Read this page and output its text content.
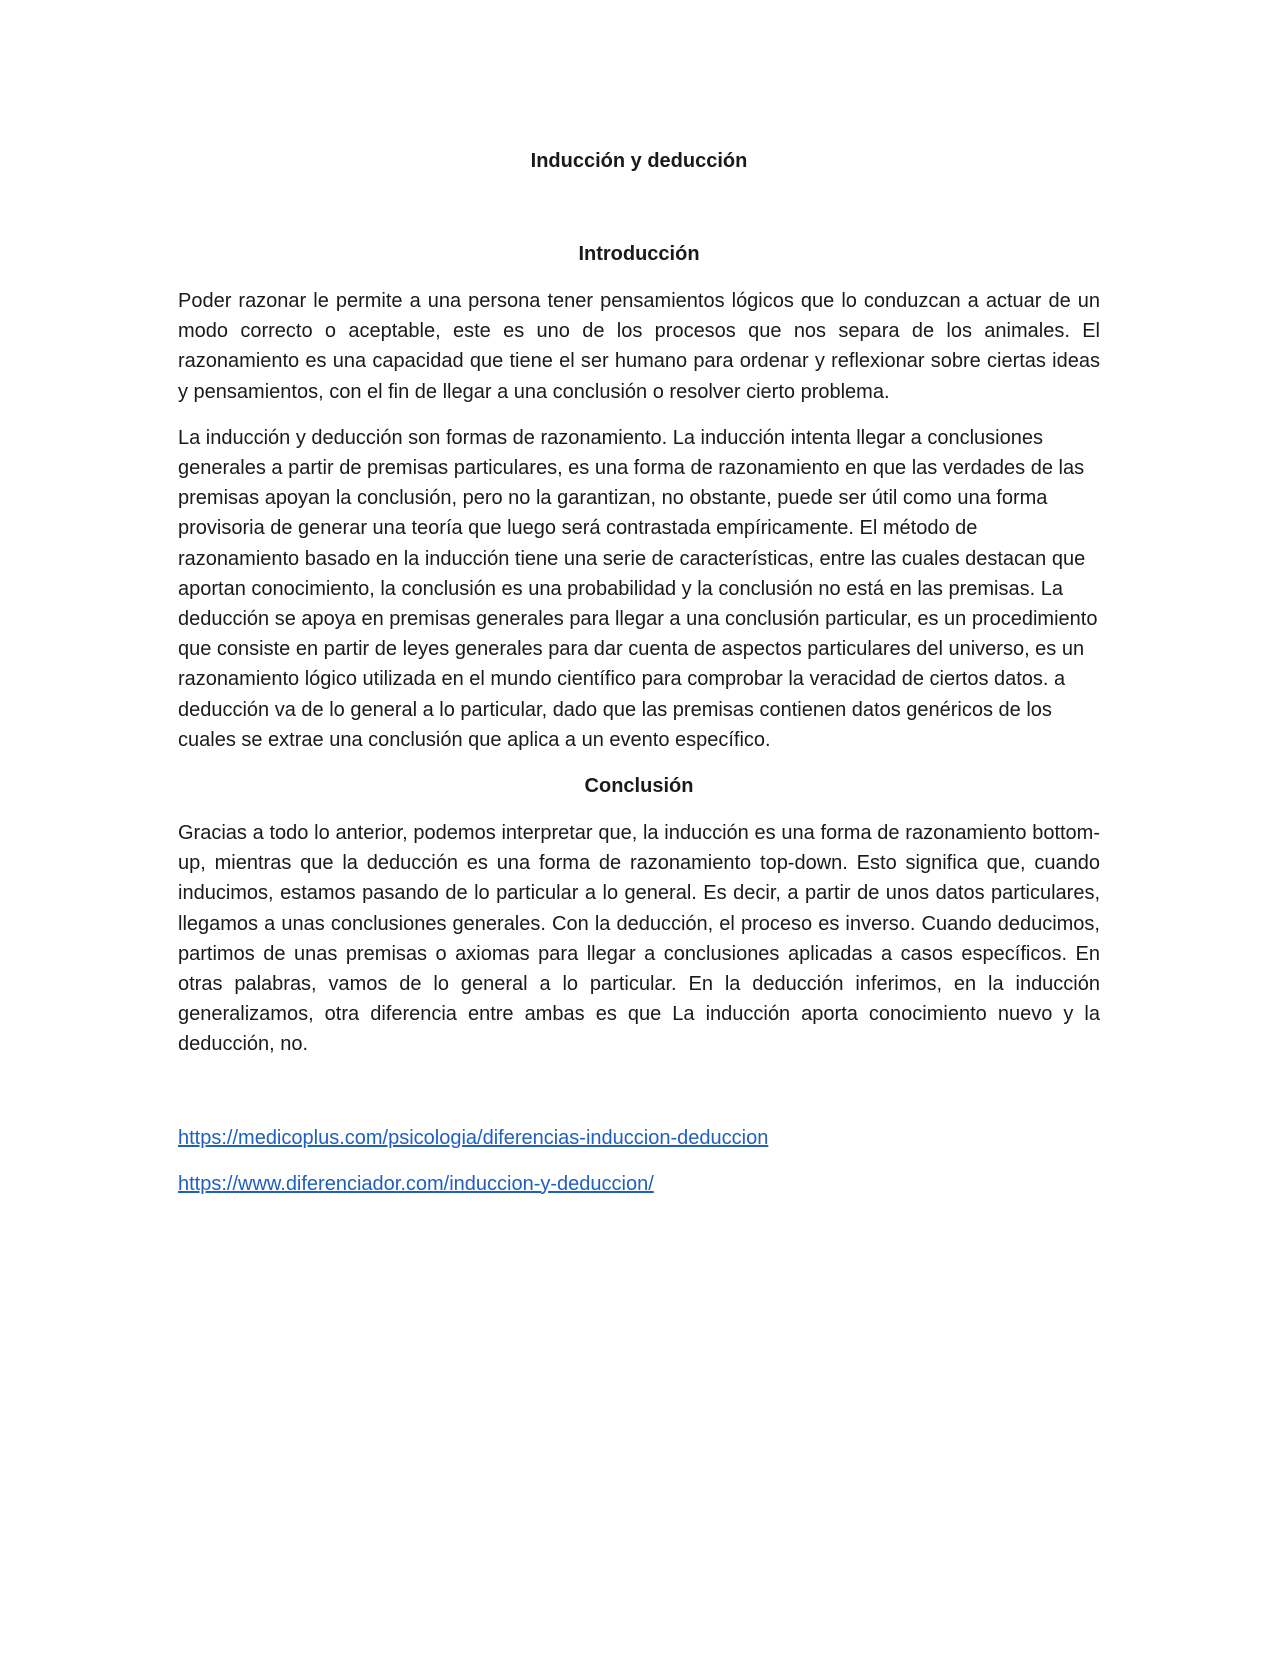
Inducción y deducción
Introducción

Poder razonar le permite a una persona tener pensamientos lógicos que lo conduzcan a actuar de un modo correcto o aceptable, este es uno de los procesos que nos separa de los animales. El razonamiento es una capacidad que tiene el ser humano para ordenar y reflexionar sobre ciertas ideas y pensamientos, con el fin de llegar a una conclusión o resolver cierto problema.

La inducción y deducción son formas de razonamiento. La inducción intenta llegar a conclusiones generales a partir de premisas particulares, es una forma de razonamiento en que las verdades de las premisas apoyan la conclusión, pero no la garantizan, no obstante, puede ser útil como una forma provisoria de generar una teoría que luego será contrastada empíricamente. El método de razonamiento basado en la inducción tiene una serie de características, entre las cuales destacan que aportan conocimiento, la conclusión es una probabilidad y la conclusión no está en las premisas. La deducción se apoya en premisas generales para llegar a una conclusión particular, es un procedimiento que consiste en partir de leyes generales para dar cuenta de aspectos particulares del universo, es un razonamiento lógico utilizada en el mundo científico para comprobar la veracidad de ciertos datos. a deducción va de lo general a lo particular, dado que las premisas contienen datos genéricos de los cuales se extrae una conclusión que aplica a un evento específico.

Conclusión

Gracias a todo lo anterior, podemos interpretar que, la inducción es una forma de razonamiento bottom-up, mientras que la deducción es una forma de razonamiento top-down. Esto significa que, cuando inducimos, estamos pasando de lo particular a lo general. Es decir, a partir de unos datos particulares, llegamos a unas conclusiones generales. Con la deducción, el proceso es inverso. Cuando deducimos, partimos de unas premisas o axiomas para llegar a conclusiones aplicadas a casos específicos. En otras palabras, vamos de lo general a lo particular. En la deducción inferimos, en la inducción generalizamos, otra diferencia entre ambas es que La inducción aporta conocimiento nuevo y la deducción, no.

https://medicoplus.com/psicologia/diferencias-induccion-deduccion
https://www.diferenciador.com/induccion-y-deduccion/
